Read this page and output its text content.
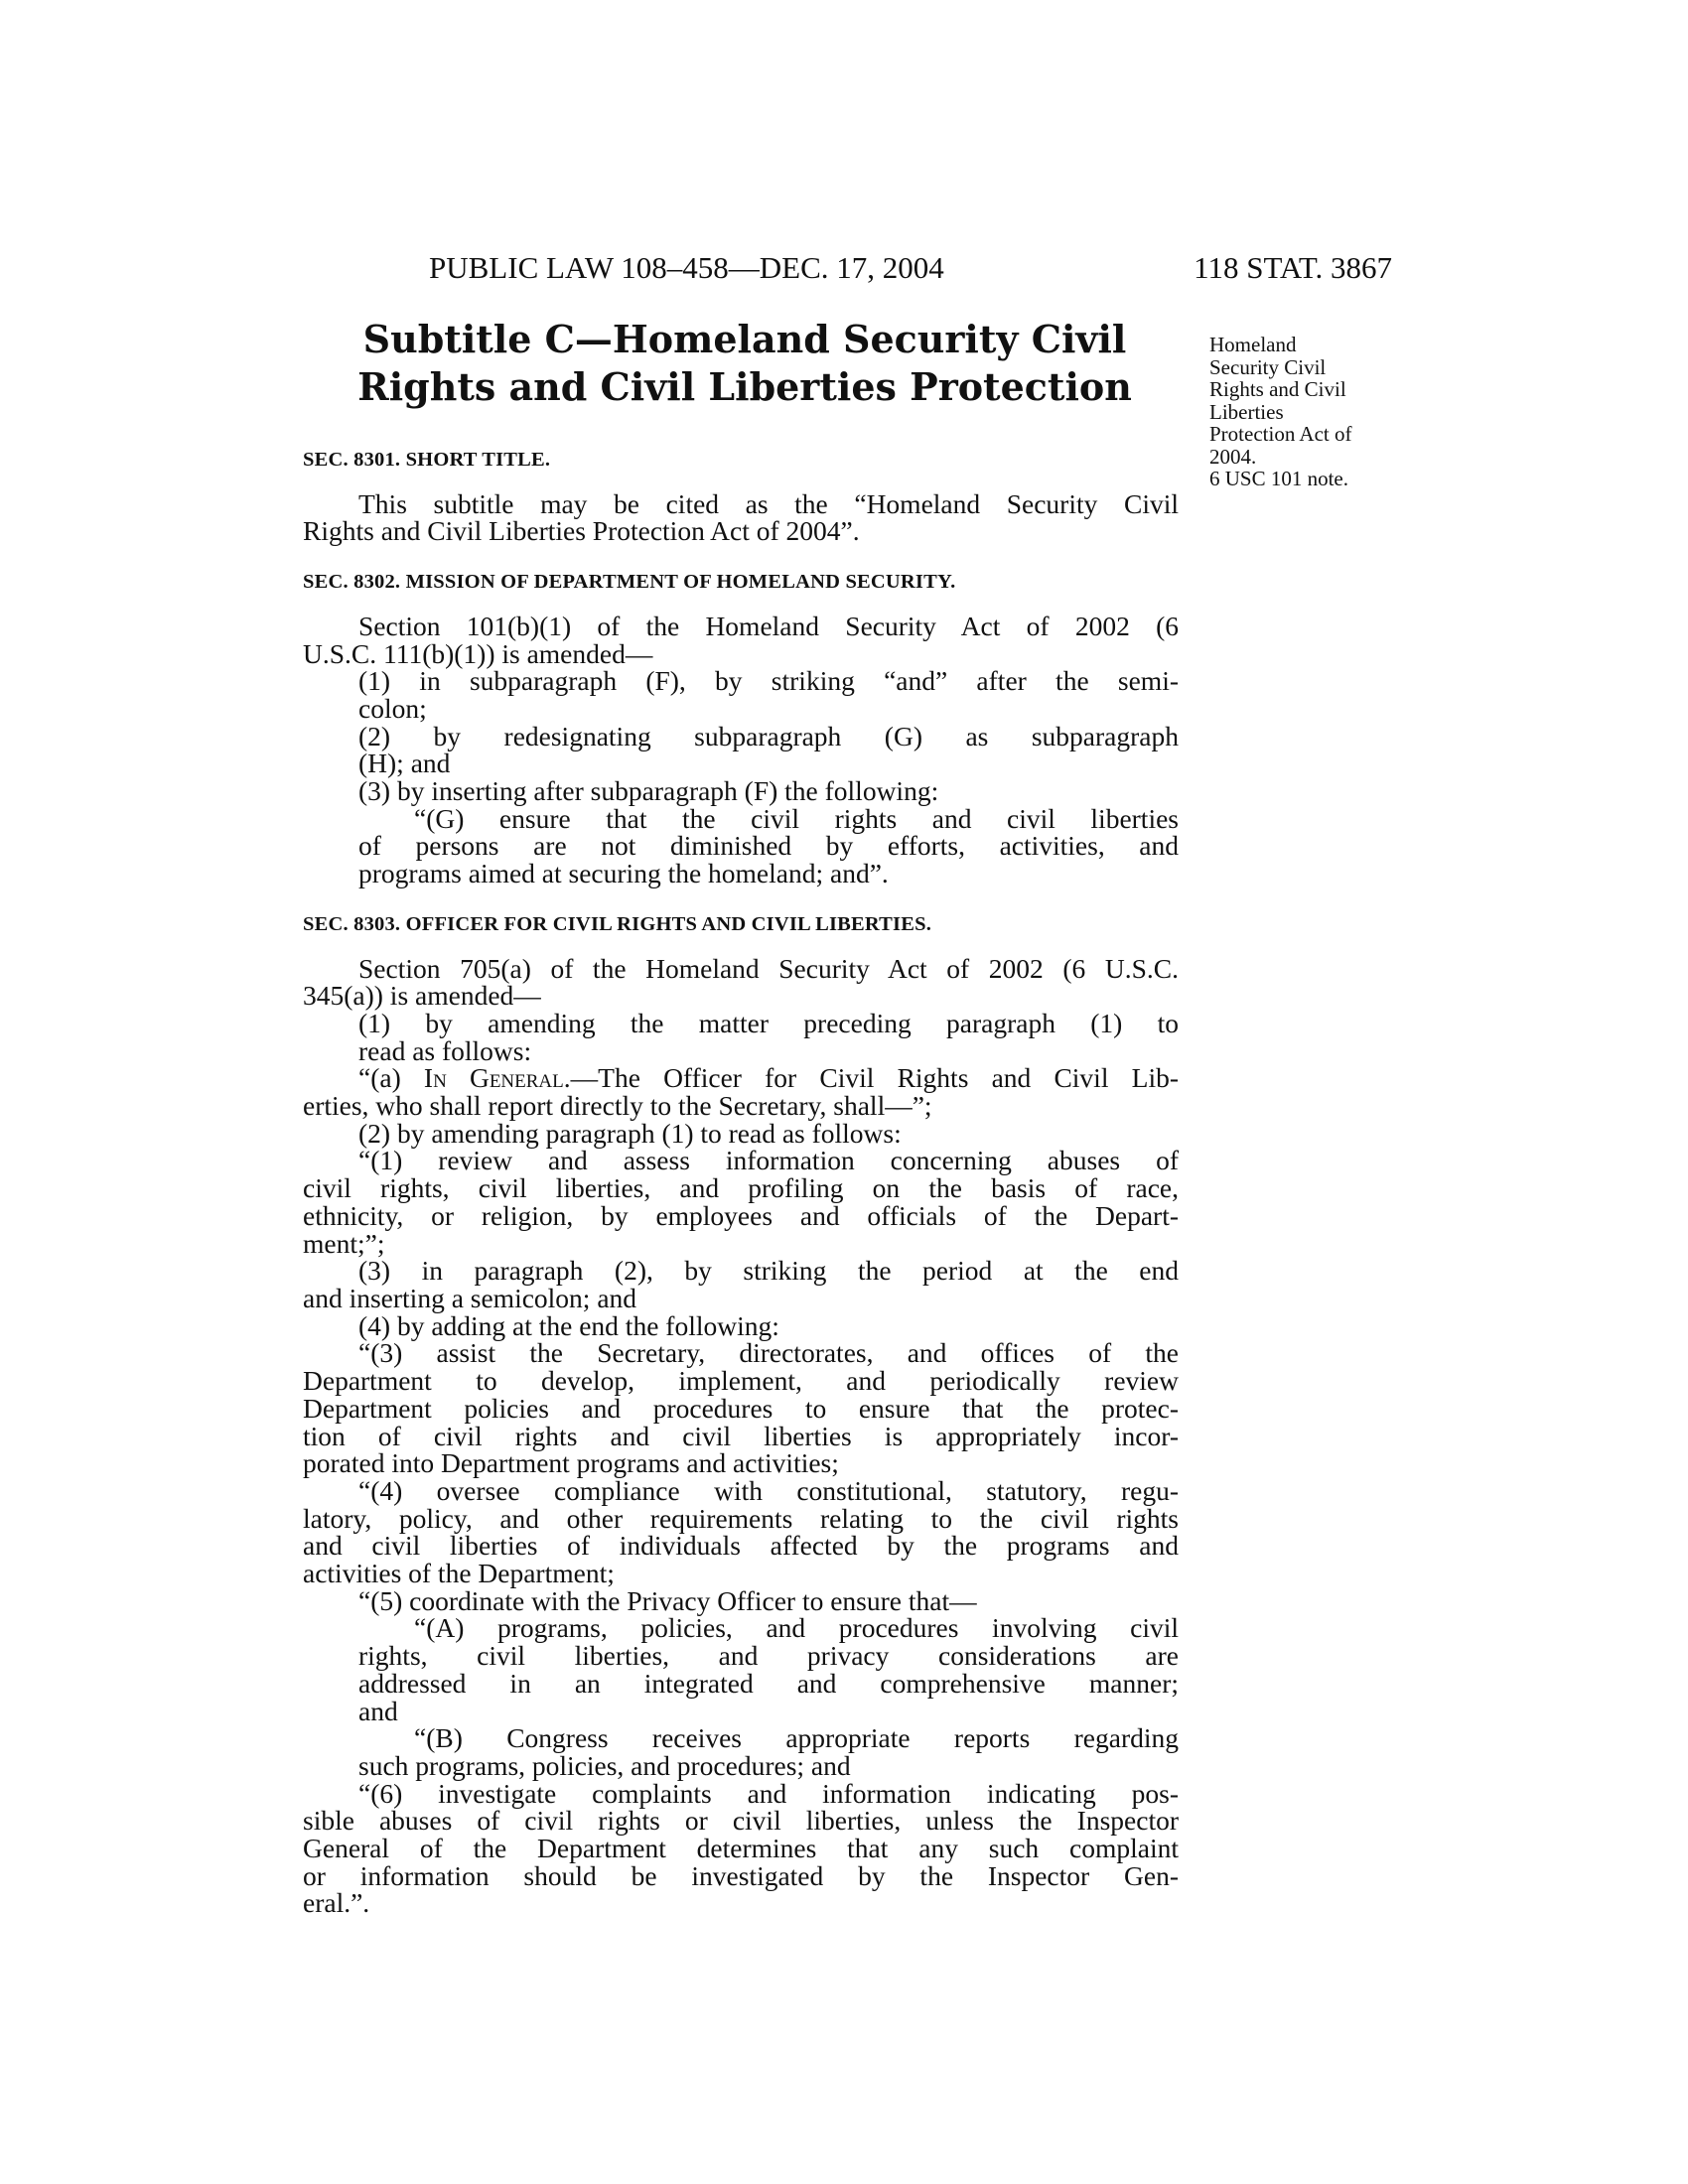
PUBLIC LAW 108–458—DEC. 17, 2004	118 STAT. 3867
Subtitle C—Homeland Security Civil
Rights and Civil Liberties Protection
Homeland
Security Civil
Rights and Civil
Liberties
Protection Act of
2004.
6 USC 101 note.
SEC. 8301. SHORT TITLE.
This subtitle may be cited as the “Homeland Security Civil
Rights and Civil Liberties Protection Act of 2004”.
SEC. 8302. MISSION OF DEPARTMENT OF HOMELAND SECURITY.
Section 101(b)(1) of the Homeland Security Act of 2002 (6
U.S.C. 111(b)(1)) is amended—
(1) in subparagraph (F), by striking “and” after the semi-
colon;
(2) by redesignating subparagraph (G) as subparagraph
(H); and
(3) by inserting after subparagraph (F) the following:
“(G) ensure that the civil rights and civil liberties
of persons are not diminished by efforts, activities, and
programs aimed at securing the homeland; and”.
SEC. 8303. OFFICER FOR CIVIL RIGHTS AND CIVIL LIBERTIES.
Section 705(a) of the Homeland Security Act of 2002 (6 U.S.C.
345(a)) is amended—
(1) by amending the matter preceding paragraph (1) to
read as follows:
“(a) In General.—The Officer for Civil Rights and Civil Lib-
erties, who shall report directly to the Secretary, shall—”;
(2) by amending paragraph (1) to read as follows:
“(1) review and assess information concerning abuses of
civil rights, civil liberties, and profiling on the basis of race,
ethnicity, or religion, by employees and officials of the Depart-
ment;”;
(3) in paragraph (2), by striking the period at the end
and inserting a semicolon; and
(4) by adding at the end the following:
“(3) assist the Secretary, directorates, and offices of the
Department to develop, implement, and periodically review
Department policies and procedures to ensure that the protec-
tion of civil rights and civil liberties is appropriately incor-
porated into Department programs and activities;
“(4) oversee compliance with constitutional, statutory, regu-
latory, policy, and other requirements relating to the civil rights
and civil liberties of individuals affected by the programs and
activities of the Department;
“(5) coordinate with the Privacy Officer to ensure that—
“(A) programs, policies, and procedures involving civil
rights, civil liberties, and privacy considerations are
addressed in an integrated and comprehensive manner;
and
“(B) Congress receives appropriate reports regarding
such programs, policies, and procedures; and
“(6) investigate complaints and information indicating pos-
sible abuses of civil rights or civil liberties, unless the Inspector
General of the Department determines that any such complaint
or information should be investigated by the Inspector Gen-
eral.”.
